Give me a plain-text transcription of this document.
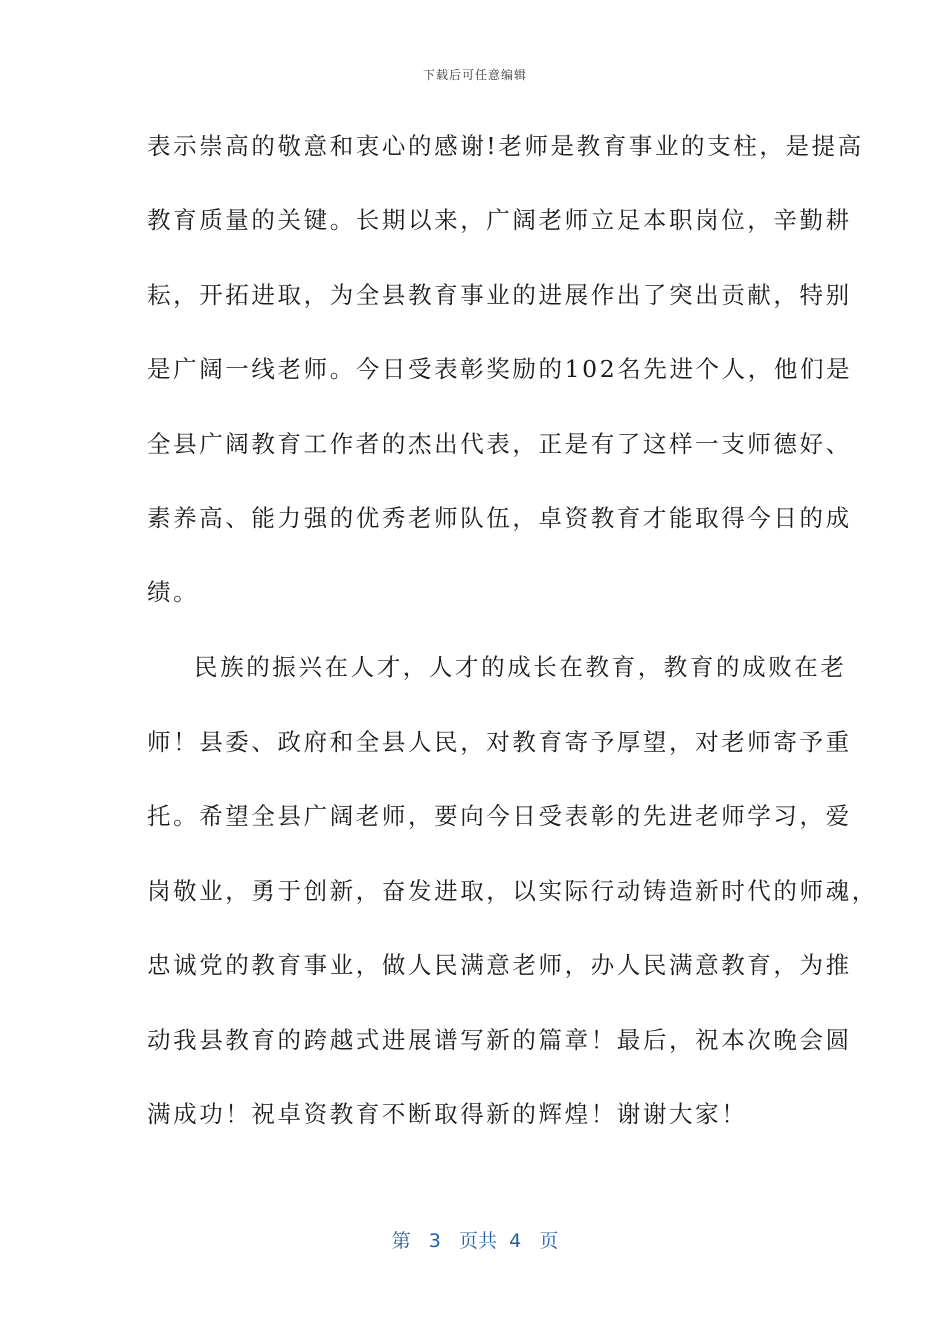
下载后可任意编辑
表示崇高的敬意和衷心的感谢!老师是教育事业的支柱，是提高
教育质量的关键。长期以来，广阔老师立足本职岗位，辛勤耕
耘，开拓进取，为全县教育事业的进展作出了突出贡献，特别
是广阔一线老师。今日受表彰奖励的102名先进个人，他们是
全县广阔教育工作者的杰出代表，正是有了这样一支师德好、
素养高、能力强的优秀老师队伍，卓资教育才能取得今日的成
绩。
民族的振兴在人才，人才的成长在教育，教育的成败在老
师！县委、政府和全县人民，对教育寄予厚望，对老师寄予重
托。希望全县广阔老师，要向今日受表彰的先进老师学习，爱
岗敬业，勇于创新，奋发进取，以实际行动铸造新时代的师魂，
忠诚党的教育事业，做人民满意老师，办人民满意教育，为推
动我县教育的跨越式进展谱写新的篇章！最后，祝本次晚会圆
满成功！祝卓资教育不断取得新的辉煌！谢谢大家！
第 3 页共 4 页
